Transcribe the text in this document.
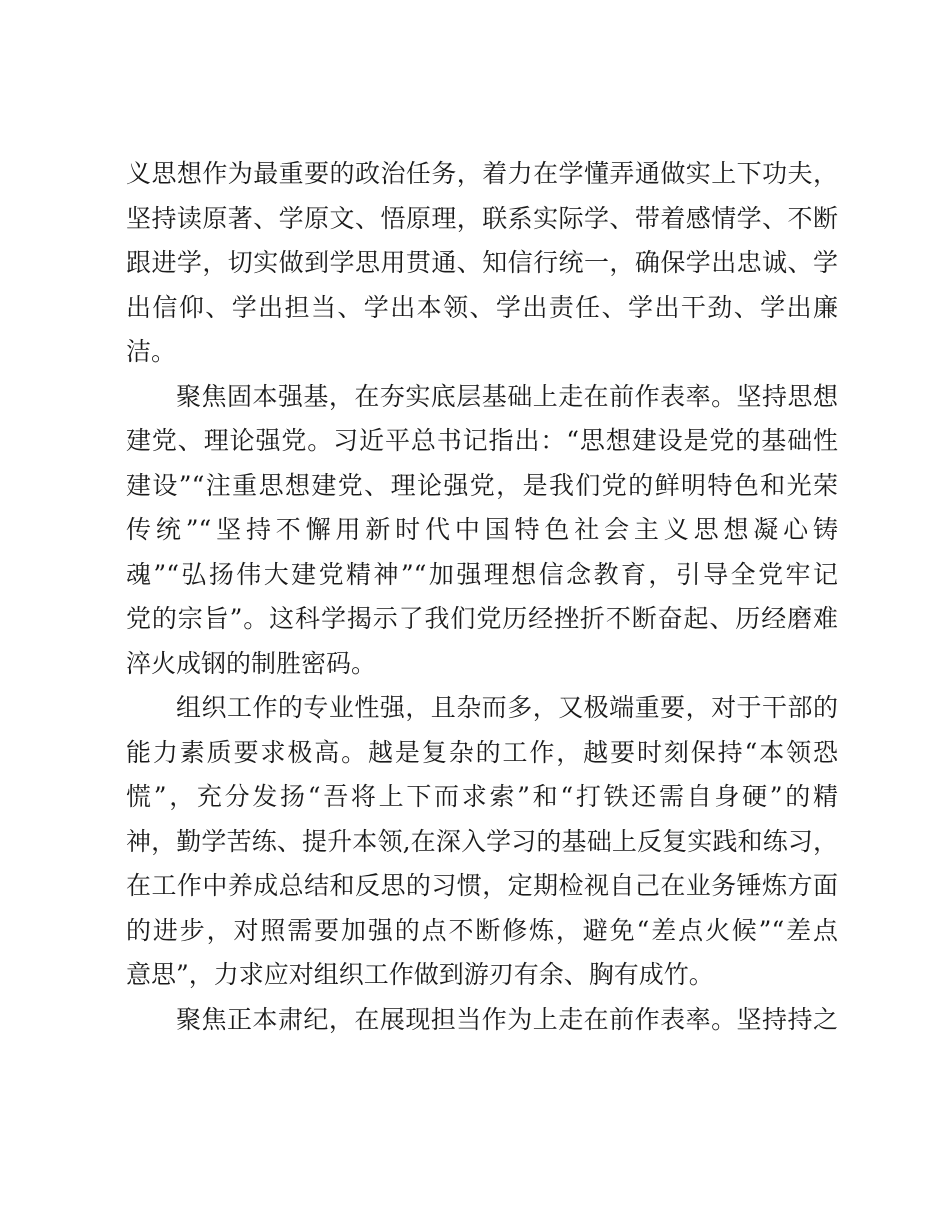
义思想作为最重要的政治任务，着力在学懂弄通做实上下功夫，
坚持读原著、学原文、悟原理，联系实际学、带着感情学、不断
跟进学，切实做到学思用贯通、知信行统一，确保学出忠诚、学
出信仰、学出担当、学出本领、学出责任、学出干劲、学出廉
洁。
聚焦固本强基，在夯实底层基础上走在前作表率。坚持思想
建党、理论强党。习近平总书记指出：“思想建设是党的基础性
建设”“注重思想建党、理论强党，是我们党的鲜明特色和光荣
传统”“坚持不懈用新时代中国特色社会主义思想凝心铸
魂”“弘扬伟大建党精神”“加强理想信念教育，引导全党牢记
党的宗旨”。这科学揭示了我们党历经挫折不断奋起、历经磨难
淬火成钢的制胜密码。
组织工作的专业性强，且杂而多，又极端重要，对于干部的
能力素质要求极高。越是复杂的工作，越要时刻保持“本领恐
慌”，充分发扬“吾将上下而求索”和“打铁还需自身硬”的精
神，勤学苦练、提升本领,在深入学习的基础上反复实践和练习，
在工作中养成总结和反思的习惯，定期检视自己在业务锤炼方面
的进步，对照需要加强的点不断修炼，避免“差点火候”“差点
意思”，力求应对组织工作做到游刃有余、胸有成竹。
聚焦正本肃纪，在展现担当作为上走在前作表率。坚持持之
